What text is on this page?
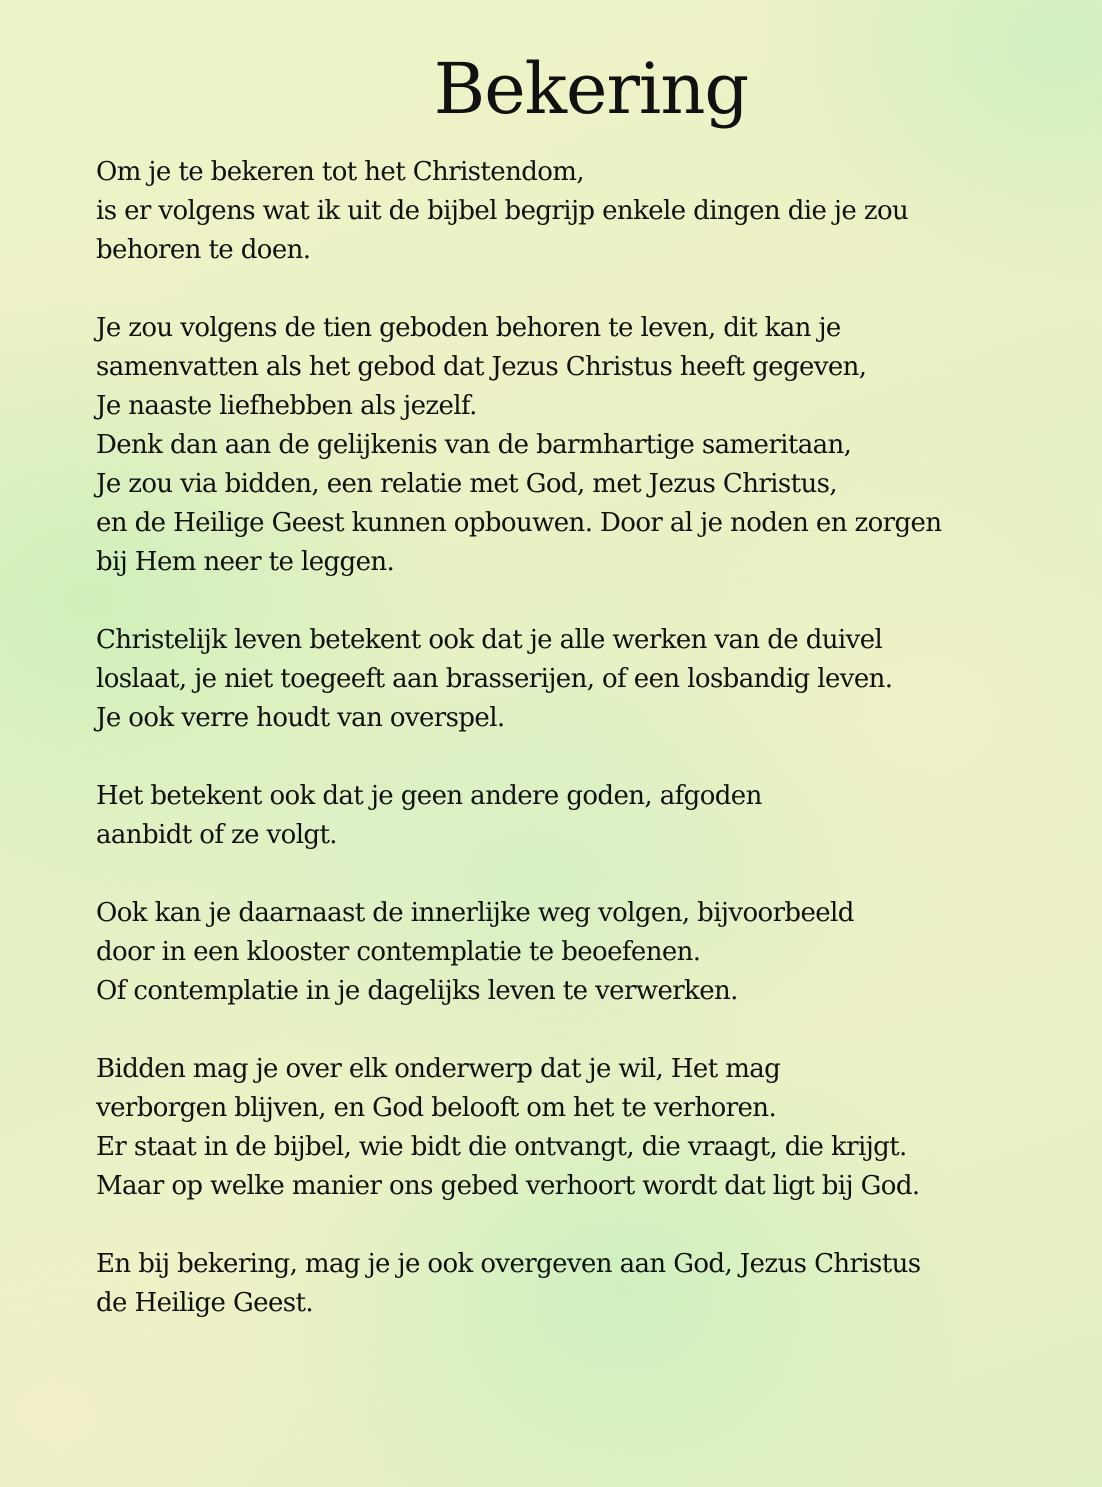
Bekering

Om je te bekeren tot het Christendom,
is er volgens wat ik uit de bijbel begrijp enkele dingen die je zou
behoren te doen.

Je zou volgens de tien geboden behoren te leven, dit kan je
samenvatten als het gebod dat Jezus Christus heeft gegeven,
Je naaste liefhebben als jezelf.
Denk dan aan de gelijkenis van de barmhartige sameritaan,
Je zou via bidden, een relatie met God, met Jezus Christus,
en de Heilige Geest kunnen opbouwen. Door al je noden en zorgen
bij Hem neer te leggen.

Christelijk leven betekent ook dat je alle werken van de duivel
loslaat, je niet toegeeft aan brasserijen, of een losbandig leven.
Je ook verre houdt van overspel.

Het betekent ook dat je geen andere goden, afgoden
aanbidt of ze volgt.

Ook kan je daarnaast de innerlijke weg volgen, bijvoorbeeld
door in een klooster contemplatie te beoefenen.
Of contemplatie in je dagelijks leven te verwerken.

Bidden mag je over elk onderwerp dat je wil, Het mag
verborgen blijven, en God belooft om het te verhoren.
Er staat in de bijbel, wie bidt die ontvangt, die vraagt, die krijgt.
Maar op welke manier ons gebed verhoort wordt dat ligt bij God.

En bij bekering, mag je je ook overgeven aan God, Jezus Christus
de Heilige Geest.
